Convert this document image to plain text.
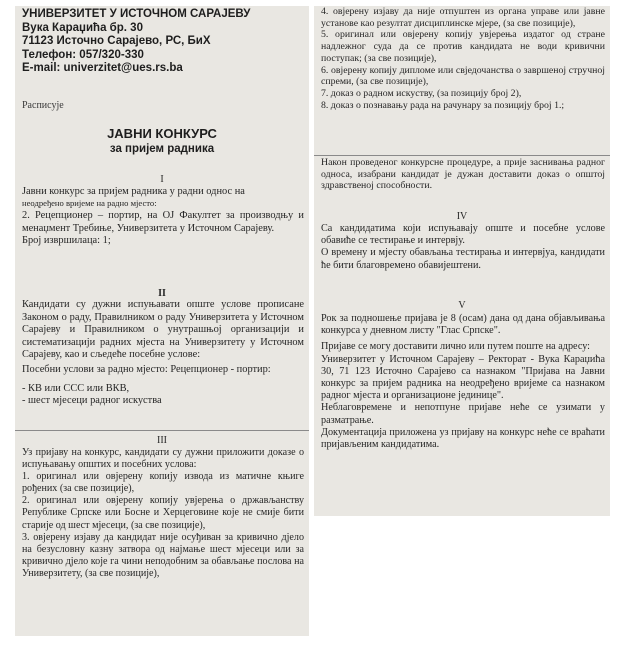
УНИВЕРЗИТЕТ У ИСТОЧНОМ САРАЈЕВУ
Вука Караџића бр. 30
71123 Источно Сарајево, РС, БиХ
Телефон: 057/320-330
E-mail: univerzitet@ues.rs.ba
Расписује
ЈАВНИ КОНКУРС
за пријем радника
I

Јавни конкурс за пријем радника у радни однос на

неодређено вријеме на радно мјесто:

2. Рецепционер – портир, на ОЈ Факултет за производњу и менаџмент Требиње, Универзитета у Источном Сарајеву.

Број извршилаца: 1;

II

Кандидати су дужни испуњавати опште услове прописане Законом о раду, Правилником о раду Универзитета у Источном Сарајеву и Правилником о унутрашњој организацији и систематизацији радних мјеста на Универзитету у Источном Сарајеву, као и сљедеће посебне услове:

Посебни услови за радно мјесто: Рецепционер - портир:

- КВ или ССС или ВКВ,

- шест мјесеци радног искуства

III

Уз пријаву на конкурс, кандидати су дужни приложити доказе о испуњавању општих и посебних услова:

1. оригинал или овјерену копију извода из матичне књиге рођених (за све позиције),

2. оригинал или овјерену копију увјерења о држављанству Републике Српске или Босне и Херцеговине које не смије бити старије од шест мјесеци, (за све позиције),

3. овјерену изјаву да кандидат није осуђиван за кривично дјело на безусловну казну затвора од најмање шест мјесеци или за кривично дјело које га чини неподобним за обављање послова на Универзитету, (за све позиције),

4. овјерену изјаву да није отпуштен из органа управе или јавне установе као резултат дисциплинске мјере, (за све позиције),

5. оригинал или овјерену копију увјерења издатог од стране надлежног суда да се против кандидата не води кривични поступак; (за све позиције),

6. овјерену копију дипломе или свједочанства о завршеној стручној спреми, (за све позиције),

7. доказ о радном искуству, (за позицију број 2),

8. доказ о познавању рада на рачунару за позицију број 1.;

Након проведеног конкурсне процедуре, а прије заснивања радног односа, изабрани кандидат је дужан доставити доказ о општој здравственој способности.
IV

Са кандидатима који испуњавају опште и посебне услове обавиће се тестирање и интервју.

О времену и мјесту обављања тестирања и интервјуа, кандидати ће бити благовремено обавијештени.

V

Рок за подношење пријава је 8 (осам) дана од дана објављивања конкурса у дневном листу "Глас Српске".

Пријаве се могу доставити лично или путем поште на адресу:

Универзитет у Источном Сарајеву – Ректорат - Вука Караџића 30, 71 123 Источно Сарајево са назнаком "Пријава на Јавни конкурс за пријем радника на неодређено вријеме са назнаком радног мјеста и организационе јединице".

Неблаговремене и непотпуне пријаве неће се узимати у разматрање.

Документација приложена уз пријаву на конкурс неће се враћати пријављеним кандидатима.
